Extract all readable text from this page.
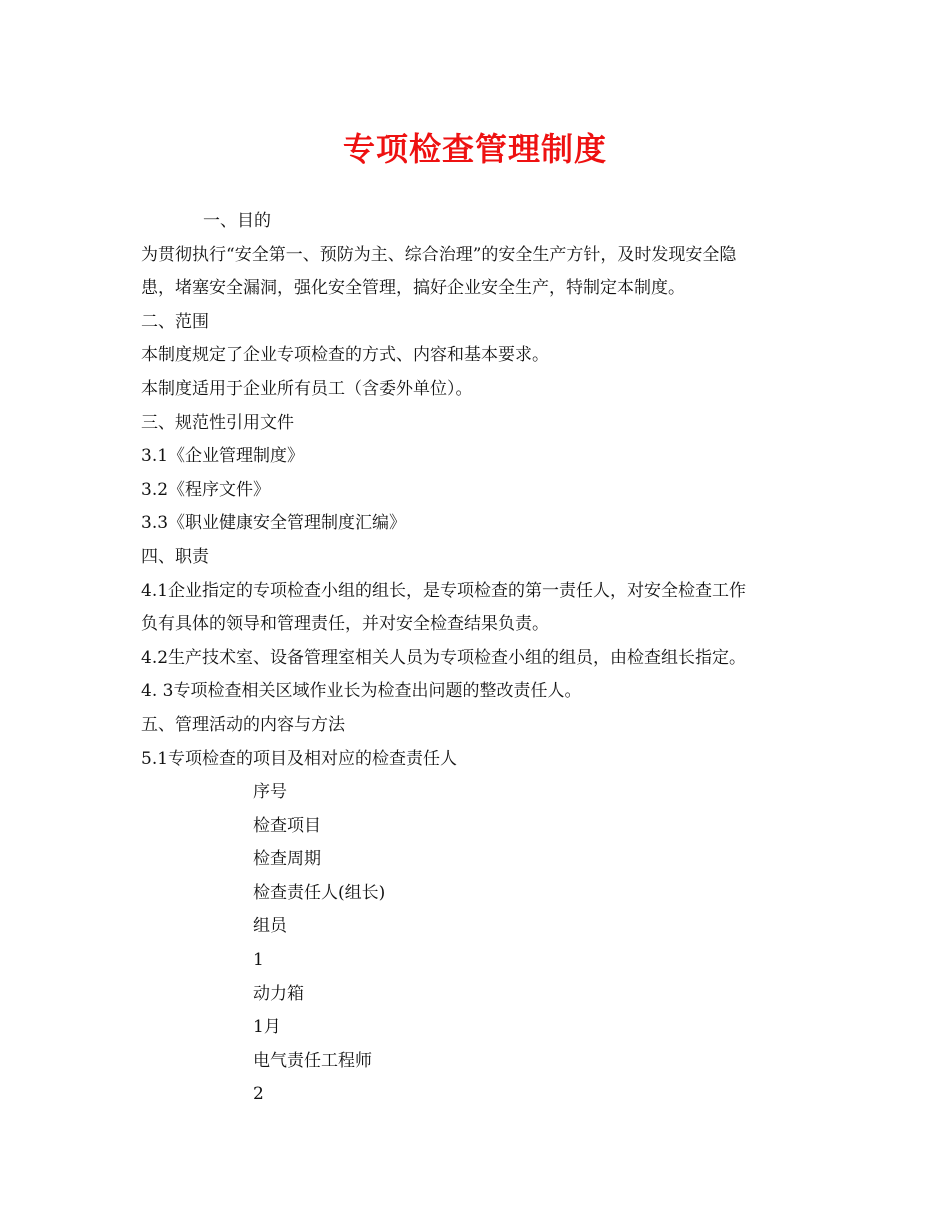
专项检查管理制度
一、目的
为贯彻执行“安全第一、预防为主、综合治理”的安全生产方针，及时发现安全隐
患，堵塞安全漏洞，强化安全管理，搞好企业安全生产，特制定本制度。
二、范围
本制度规定了企业专项检查的方式、内容和基本要求。
本制度适用于企业所有员工（含委外单位）。
三、规范性引用文件
3.1《企业管理制度》
3.2《程序文件》
3.3《职业健康安全管理制度汇编》
四、职责
4.1企业指定的专项检查小组的组长，是专项检查的第一责任人，对安全检查工作
负有具体的领导和管理责任，并对安全检查结果负责。
4.2生产技术室、设备管理室相关人员为专项检查小组的组员，由检查组长指定。
4. 3专项检查相关区域作业长为检查出问题的整改责任人。
五、管理活动的内容与方法
5.1专项检查的项目及相对应的检查责任人
序号
检查项目
检查周期
检查责任人(组长)
组员
1
动力箱
1月
电气责任工程师
2
